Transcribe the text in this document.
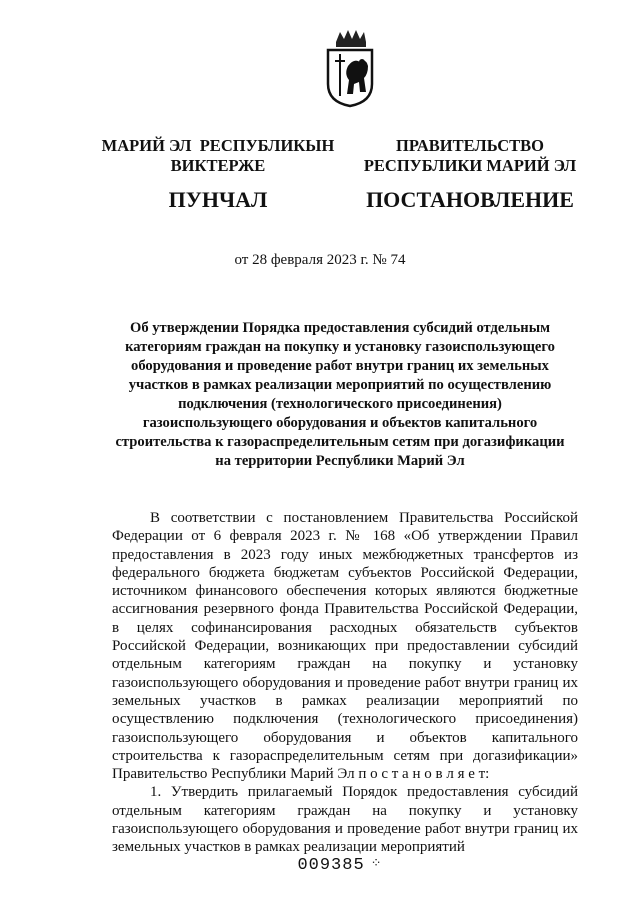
МАРИЙ ЭЛ  РЕСПУБЛИКЫН
ВИКТЕРЖЕ
ПУНЧАЛ
ПРАВИТЕЛЬСТВО
РЕСПУБЛИКИ МАРИЙ ЭЛ
ПОСТАНОВЛЕНИЕ
от 28 февраля 2023 г. № 74
Об утверждении Порядка предоставления субсидий отдельным
категориям граждан на покупку и установку газоиспользующего
оборудования и проведение работ внутри границ их земельных
участков в рамках реализации мероприятий по осуществлению
подключения (технологического присоединения)
газоиспользующего оборудования и объектов капитального
строительства к газораспределительным сетям при догазификации
на территории Республики Марий Эл

В соответствии с постановлением Правительства Российской Федерации от 6 февраля 2023 г. № 168 «Об утверждении Правил предоставления в 2023 году иных межбюджетных трансфертов из федерального бюджета бюджетам субъектов Российской Федерации, источником финансового обеспечения которых являются бюджетные ассигнования резервного фонда Правительства Российской Федерации, в целях софинансирования расходных обязательств субъектов Российской Федерации, возникающих при предоставлении субсидий отдельным категориям граждан на покупку и установку газоиспользующего оборудования и проведение работ внутри границ их земельных участков в рамках реализации мероприятий по осуществлению подключения (технологического присоединения) газоиспользующего оборудования и объектов капитального строительства к газораспределительным сетям при догазификации» Правительство Республики Марий Эл п о с т а н о в л я е т:

1. Утвердить прилагаемый Порядок предоставления субсидий отдельным категориям граждан на покупку и установку газоиспользующего оборудования и проведение работ внутри границ их земельных участков в рамках реализации мероприятий

009385 ⁘
